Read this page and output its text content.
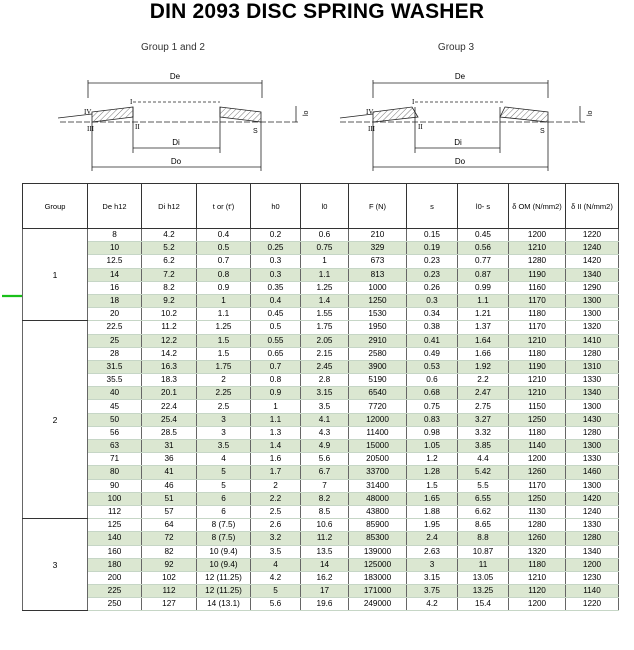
DIN 2093 DISC SPRING WASHER
Group 1 and 2
De
Di
Do
IV
III
I
II
S
lo
Group 3
De
Di
Do
IV
III
I
II
S
lo
Group	De h12	Di h12	t or (t')	h0	l0	F (N)	s	l0- s	δ OM (N/mm2)	δ II (N/mm2)
1	8	4.2	0.4	0.2	0.6	210	0.15	0.45	1200	1220
	10	5.2	0.5	0.25	0.75	329	0.19	0.56	1210	1240
	12.5	6.2	0.7	0.3	1	673	0.23	0.77	1280	1420
	14	7.2	0.8	0.3	1.1	813	0.23	0.87	1190	1340
	16	8.2	0.9	0.35	1.25	1000	0.26	0.99	1160	1290
	18	9.2	1	0.4	1.4	1250	0.3	1.1	1170	1300
	20	10.2	1.1	0.45	1.55	1530	0.34	1.21	1180	1300
2	22.5	11.2	1.25	0.5	1.75	1950	0.38	1.37	1170	1320
	25	12.2	1.5	0.55	2.05	2910	0.41	1.64	1210	1410
	28	14.2	1.5	0.65	2.15	2580	0.49	1.66	1180	1280
	31.5	16.3	1.75	0.7	2.45	3900	0.53	1.92	1190	1310
	35.5	18.3	2	0.8	2.8	5190	0.6	2.2	1210	1330
	40	20.1	2.25	0.9	3.15	6540	0.68	2.47	1210	1340
	45	22.4	2.5	1	3.5	7720	0.75	2.75	1150	1300
	50	25.4	3	1.1	4.1	12000	0.83	3.27	1250	1430
	56	28.5	3	1.3	4.3	11400	0.98	3.32	1180	1280
	63	31	3.5	1.4	4.9	15000	1.05	3.85	1140	1300
	71	36	4	1.6	5.6	20500	1.2	4.4	1200	1330
	80	41	5	1.7	6.7	33700	1.28	5.42	1260	1460
	90	46	5	2	7	31400	1.5	5.5	1170	1300
	100	51	6	2.2	8.2	48000	1.65	6.55	1250	1420
	112	57	6	2.5	8.5	43800	1.88	6.62	1130	1240
3	125	64	8 (7.5)	2.6	10.6	85900	1.95	8.65	1280	1330
	140	72	8 (7.5)	3.2	11.2	85300	2.4	8.8	1260	1280
	160	82	10 (9.4)	3.5	13.5	139000	2.63	10.87	1320	1340
	180	92	10 (9.4)	4	14	125000	3	11	1180	1200
	200	102	12 (11.25)	4.2	16.2	183000	3.15	13.05	1210	1230
	225	112	12 (11.25)	5	17	171000	3.75	13.25	1120	1140
	250	127	14 (13.1)	5.6	19.6	249000	4.2	15.4	1200	1220
